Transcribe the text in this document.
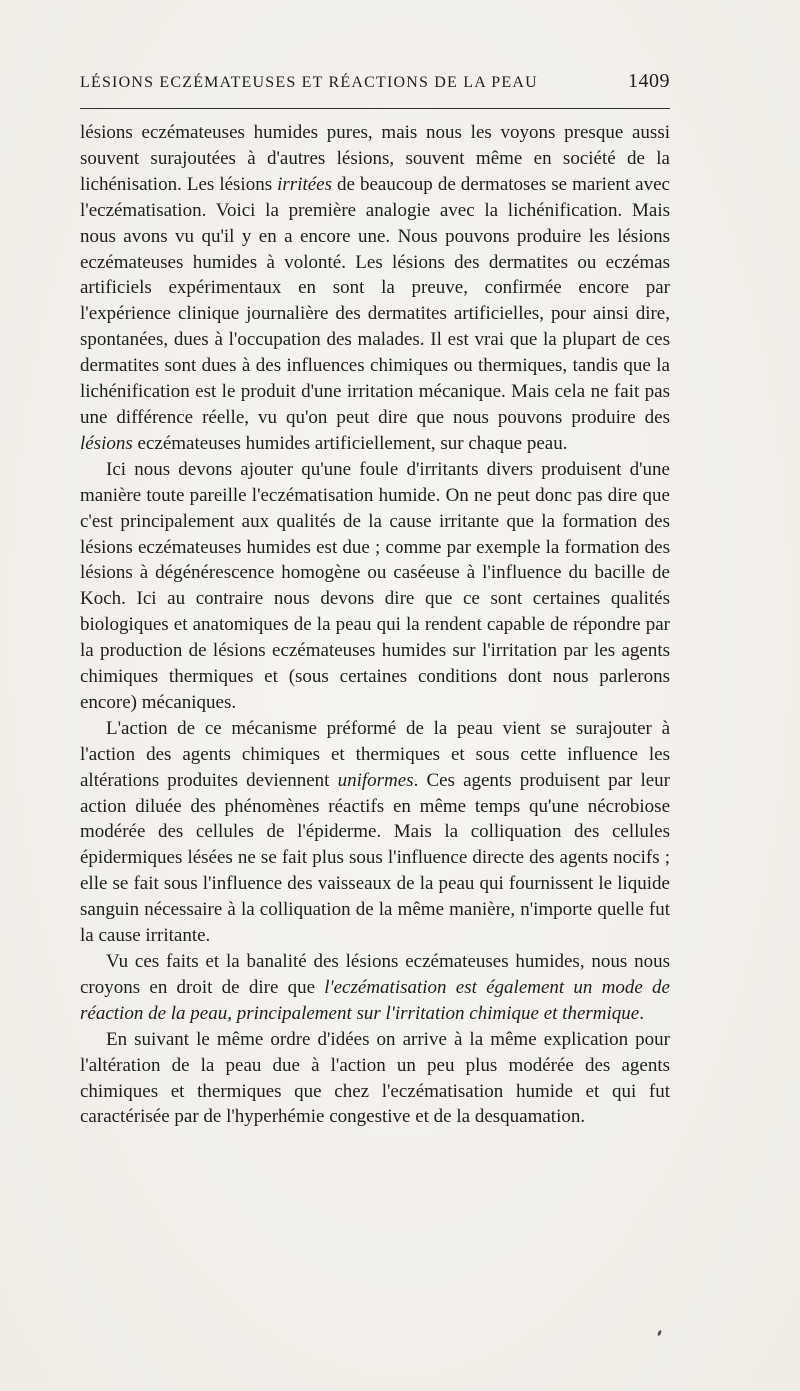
LÉSIONS ECZÉMATEUSES ET RÉACTIONS DE LA PEAU	1409

lésions eczémateuses humides pures, mais nous les voyons presque aussi souvent surajoutées à d'autres lésions, souvent même en société de la lichénisation. Les lésions irritées de beaucoup de dermatoses se marient avec l'eczématisation. Voici la première analogie avec la lichénification. Mais nous avons vu qu'il y en a encore une. Nous pouvons produire les lésions eczémateuses humides à volonté. Les lésions des dermatites ou eczémas artificiels expérimentaux en sont la preuve, confirmée encore par l'expérience clinique journalière des dermatites artificielles, pour ainsi dire, spontanées, dues à l'occupation des malades. Il est vrai que la plupart de ces dermatites sont dues à des influences chimiques ou thermiques, tandis que la lichénification est le produit d'une irritation mécanique. Mais cela ne fait pas une différence réelle, vu qu'on peut dire que nous pouvons produire des lésions eczémateuses humides artificiellement, sur chaque peau.

Ici nous devons ajouter qu'une foule d'irritants divers produisent d'une manière toute pareille l'eczématisation humide. On ne peut donc pas dire que c'est principalement aux qualités de la cause irritante que la formation des lésions eczémateuses humides est due ; comme par exemple la formation des lésions à dégénérescence homogène ou caséeuse à l'influence du bacille de Koch. Ici au contraire nous devons dire que ce sont certaines qualités biologiques et anatomiques de la peau qui la rendent capable de répondre par la production de lésions eczémateuses humides sur l'irritation par les agents chimiques thermiques et (sous certaines conditions dont nous parlerons encore) mécaniques.

L'action de ce mécanisme préformé de la peau vient se surajouter à l'action des agents chimiques et thermiques et sous cette influence les altérations produites deviennent uniformes. Ces agents produisent par leur action diluée des phénomènes réactifs en même temps qu'une nécrobiose modérée des cellules de l'épiderme. Mais la colliquation des cellules épidermiques lésées ne se fait plus sous l'influence directe des agents nocifs ; elle se fait sous l'influence des vaisseaux de la peau qui fournissent le liquide sanguin nécessaire à la colliquation de la même manière, n'importe quelle fut la cause irritante.

Vu ces faits et la banalité des lésions eczémateuses humides, nous nous croyons en droit de dire que l'eczématisation est également un mode de réaction de la peau, principalement sur l'irritation chimique et thermique.

En suivant le même ordre d'idées on arrive à la même explication pour l'altération de la peau due à l'action un peu plus modérée des agents chimiques et thermiques que chez l'eczématisation humide et qui fut caractérisée par de l'hyperhémie congestive et de la desquamation.
